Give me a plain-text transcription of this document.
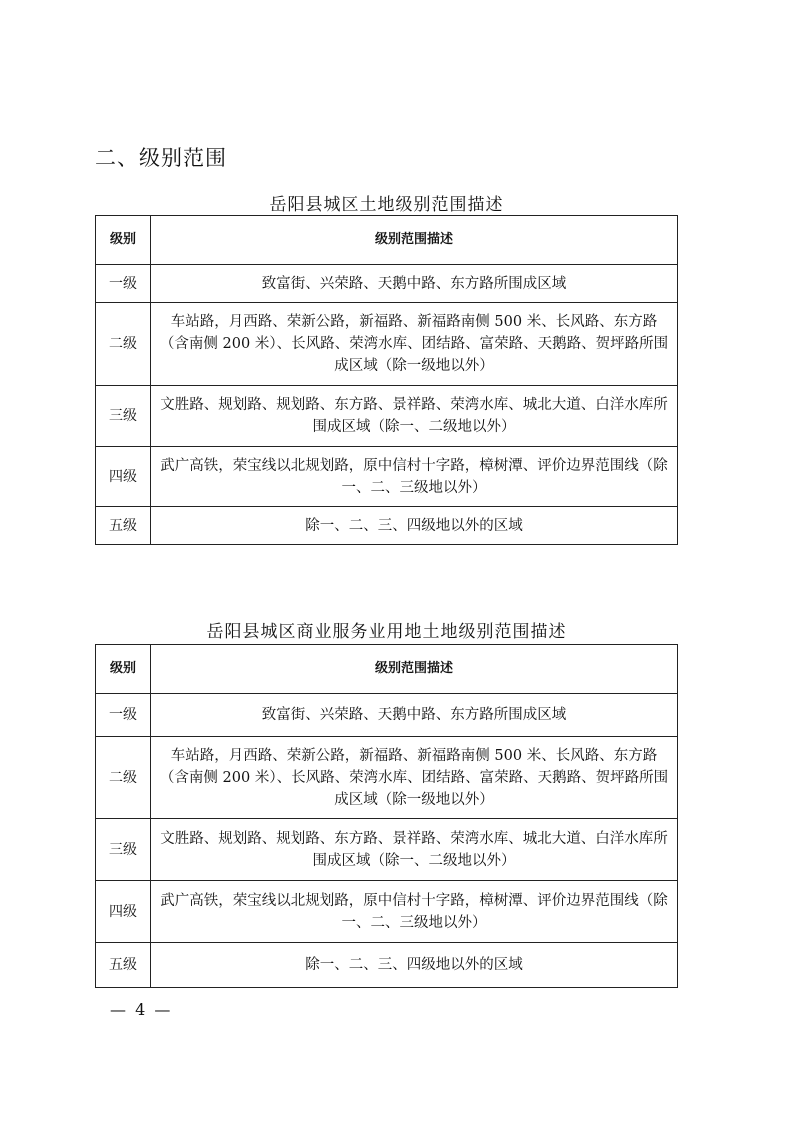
二、级别范围
岳阳县城区土地级别范围描述
级别	级别范围描述
一级	致富街、兴荣路、天鹅中路、东方路所围成区域
二级	车站路，月西路、荣新公路，新福路、新福路南侧 500 米、长风路、东方路（含南侧 200 米）、长风路、荣湾水库、团结路、富荣路、天鹅路、贺坪路所围成区域（除一级地以外）
三级	文胜路、规划路、规划路、东方路、景祥路、荣湾水库、城北大道、白洋水库所围成区域（除一、二级地以外）
四级	武广高铁，荣宝线以北规划路，原中信村十字路，樟树潭、评价边界范围线（除一、二、三级地以外）
五级	除一、二、三、四级地以外的区域
岳阳县城区商业服务业用地土地级别范围描述
级别	级别范围描述
一级	致富街、兴荣路、天鹅中路、东方路所围成区域
二级	车站路，月西路、荣新公路，新福路、新福路南侧 500 米、长风路、东方路（含南侧 200 米）、长风路、荣湾水库、团结路、富荣路、天鹅路、贺坪路所围成区域（除一级地以外）
三级	文胜路、规划路、规划路、东方路、景祥路、荣湾水库、城北大道、白洋水库所围成区域（除一、二级地以外）
四级	武广高铁，荣宝线以北规划路，原中信村十字路，樟树潭、评价边界范围线（除一、二、三级地以外）
五级	除一、二、三、四级地以外的区域
— 4 —
